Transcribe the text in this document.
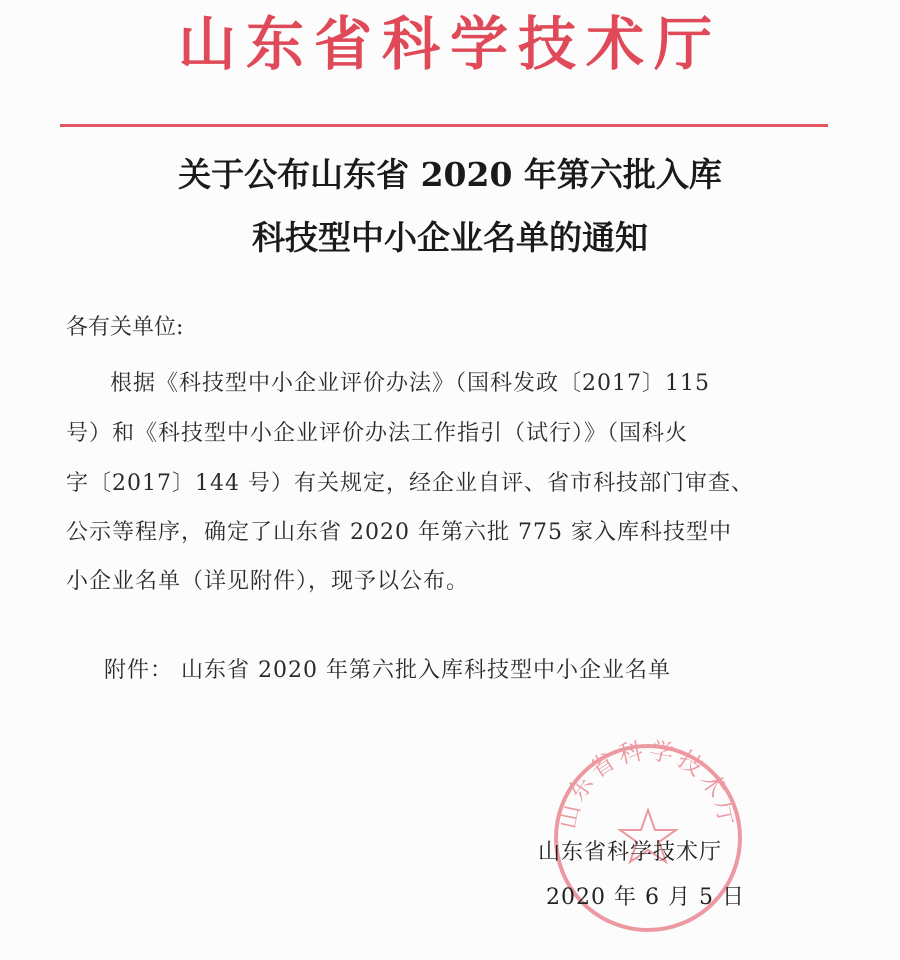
山东省科学技术厅
关于公布山东省 2020 年第六批入库
科技型中小企业名单的通知
各有关单位:
根据《科技型中小企业评价办法》（国科发政〔2017〕115
号）和《科技型中小企业评价办法工作指引（试行）》（国科火
字〔2017〕144 号）有关规定，经企业自评、省市科技部门审查、
公示等程序，确定了山东省 2020 年第六批 775 家入库科技型中
小企业名单（详见附件），现予以公布。
附件： 山东省 2020 年第六批入库科技型中小企业名单
山东省科学技术厅
山东省科学技术厅
2020 年 6 月 5 日
